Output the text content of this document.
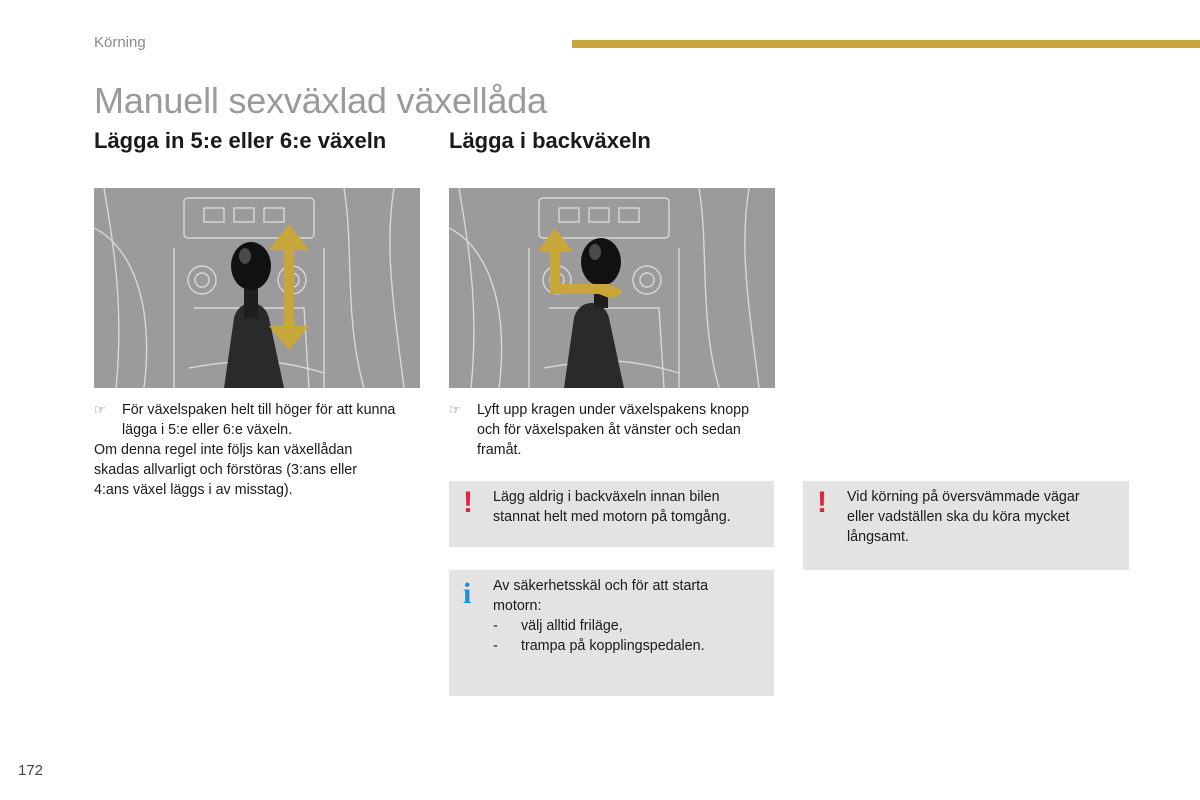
Körning
Manuell sexväxlad växellåda
Lägga in 5:e eller 6:e växeln
☞ För växelspaken helt till höger för att kunna
lägga i 5:e eller 6:e växeln.
Om denna regel inte följs kan växellådan
skadas allvarligt och förstöras (3:ans eller
4:ans växel läggs i av misstag).
Lägga i backväxeln
☞ Lyft upp kragen under växelspakens knopp
och för växelspaken åt vänster och sedan
framåt.
! Lägg aldrig i backväxeln innan bilen
stannat helt med motorn på tomgång.
i Av säkerhetsskäl och för att starta
motorn:
- välj alltid friläge,
- trampa på kopplingspedalen.
! Vid körning på översvämmade vägar
eller vadställen ska du köra mycket
långsamt.
172
